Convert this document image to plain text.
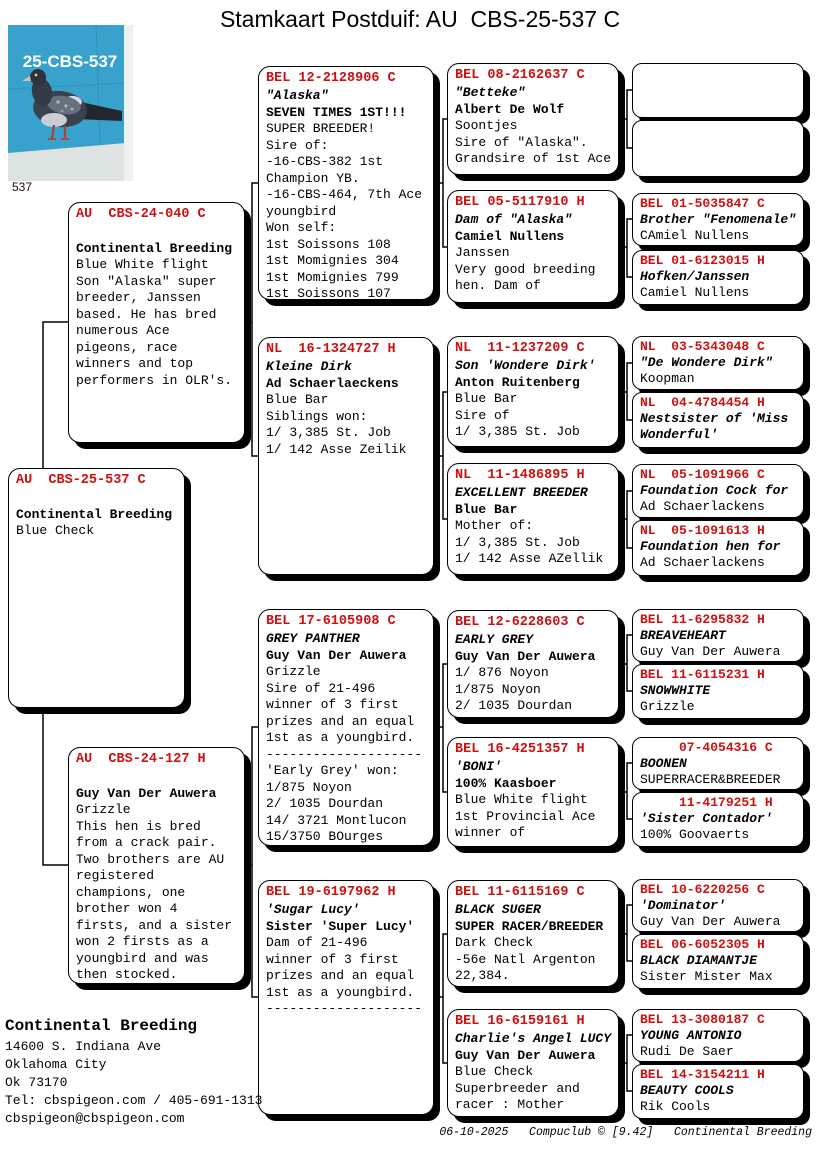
Stamkaart Postduif: AU  CBS-25-537 C
25-CBS-537
537
AU  CBS-25-537 C

Continental Breeding
Blue Check
AU  CBS-24-040 C

Continental Breeding
Blue White flight
Son "Alaska" super
breeder, Janssen
based. He has bred
numerous Ace
pigeons, race
winners and top
performers in OLR's.
AU  CBS-24-127 H

Guy Van Der Auwera
Grizzle
This hen is bred
from a crack pair.
Two brothers are AU
registered
champions, one
brother won 4
firsts, and a sister
won 2 firsts as a
youngbird and was
then stocked.
BEL 12-2128906 C
"Alaska"
SEVEN TIMES 1ST!!!
SUPER BREEDER!
Sire of:
-16-CBS-382 1st
Champion YB.
-16-CBS-464, 7th Ace
youngbird
Won self:
1st Soissons 108
1st Momignies 304
1st Momignies 799
1st Soissons 107
NL  16-1324727 H
Kleine Dirk
Ad Schaerlaeckens
Blue Bar
Siblings won:
1/ 3,385 St. Job
1/ 142 Asse Zeilik
BEL 17-6105908 C
GREY PANTHER
Guy Van Der Auwera
Grizzle
Sire of 21-496
winner of 3 first
prizes and an equal
1st as a youngbird.
--------------------
'Early Grey' won:
1/875 Noyon
2/ 1035 Dourdan
14/ 3721 Montlucon
15/3750 BOurges
BEL 19-6197962 H
'Sugar Lucy'
Sister 'Super Lucy'
Dam of 21-496
winner of 3 first
prizes and an equal
1st as a youngbird.
--------------------
BEL 08-2162637 C
"Betteke"
Albert De Wolf
Soontjes
Sire of "Alaska".
Grandsire of 1st Ace
BEL 05-5117910 H
Dam of "Alaska"
Camiel Nullens
Janssen
Very good breeding
hen. Dam of
NL  11-1237209 C
Son 'Wondere Dirk'
Anton Ruitenberg
Blue Bar
Sire of
1/ 3,385 St. Job
NL  11-1486895 H
EXCELLENT BREEDER
Blue Bar
Mother of:
1/ 3,385 St. Job
1/ 142 Asse AZellik
BEL 12-6228603 C
EARLY GREY
Guy Van Der Auwera
1/ 876 Noyon
1/875 Noyon
2/ 1035 Dourdan
BEL 16-4251357 H
'BONI'
100% Kaasboer
Blue White flight
1st Provincial Ace
winner of
BEL 11-6115169 C
BLACK SUGER
SUPER RACER/BREEDER
Dark Check
-56e Natl Argenton
22,384.
BEL 16-6159161 H
Charlie's Angel LUCY
Guy Van Der Auwera
Blue Check
Superbreeder and
racer : Mother
BEL 01-5035847 C
Brother "Fenomenale"
CAmiel Nullens
BEL 01-6123015 H
Hofken/Janssen
Camiel Nullens
NL  03-5343048 C
"De Wondere Dirk"
Koopman
NL  04-4784454 H
Nestsister of 'Miss
Wonderful'
NL  05-1091966 C
Foundation Cock for
Ad Schaerlackens
NL  05-1091613 H
Foundation hen for
Ad Schaerlackens
BEL 11-6295832 H
BREAVEHEART
Guy Van Der Auwera
BEL 11-6115231 H
SNOWWHITE
Grizzle
07-4054316 C
BOONEN
SUPERRACER&BREEDER
11-4179251 H
'Sister Contador'
100% Goovaerts
BEL 10-6220256 C
'Dominator'
Guy Van Der Auwera
BEL 06-6052305 H
BLACK DIAMANTJE
Sister Mister Max
BEL 13-3080187 C
YOUNG ANTONIO
Rudi De Saer
BEL 14-3154211 H
BEAUTY COOLS
Rik Cools
Continental Breeding
14600 S. Indiana Ave
Oklahoma City
Ok 73170
Tel: cbspigeon.com / 405-691-1313
cbspigeon@cbspigeon.com
06-10-2025   Compuclub © [9.42]   Continental Breeding
